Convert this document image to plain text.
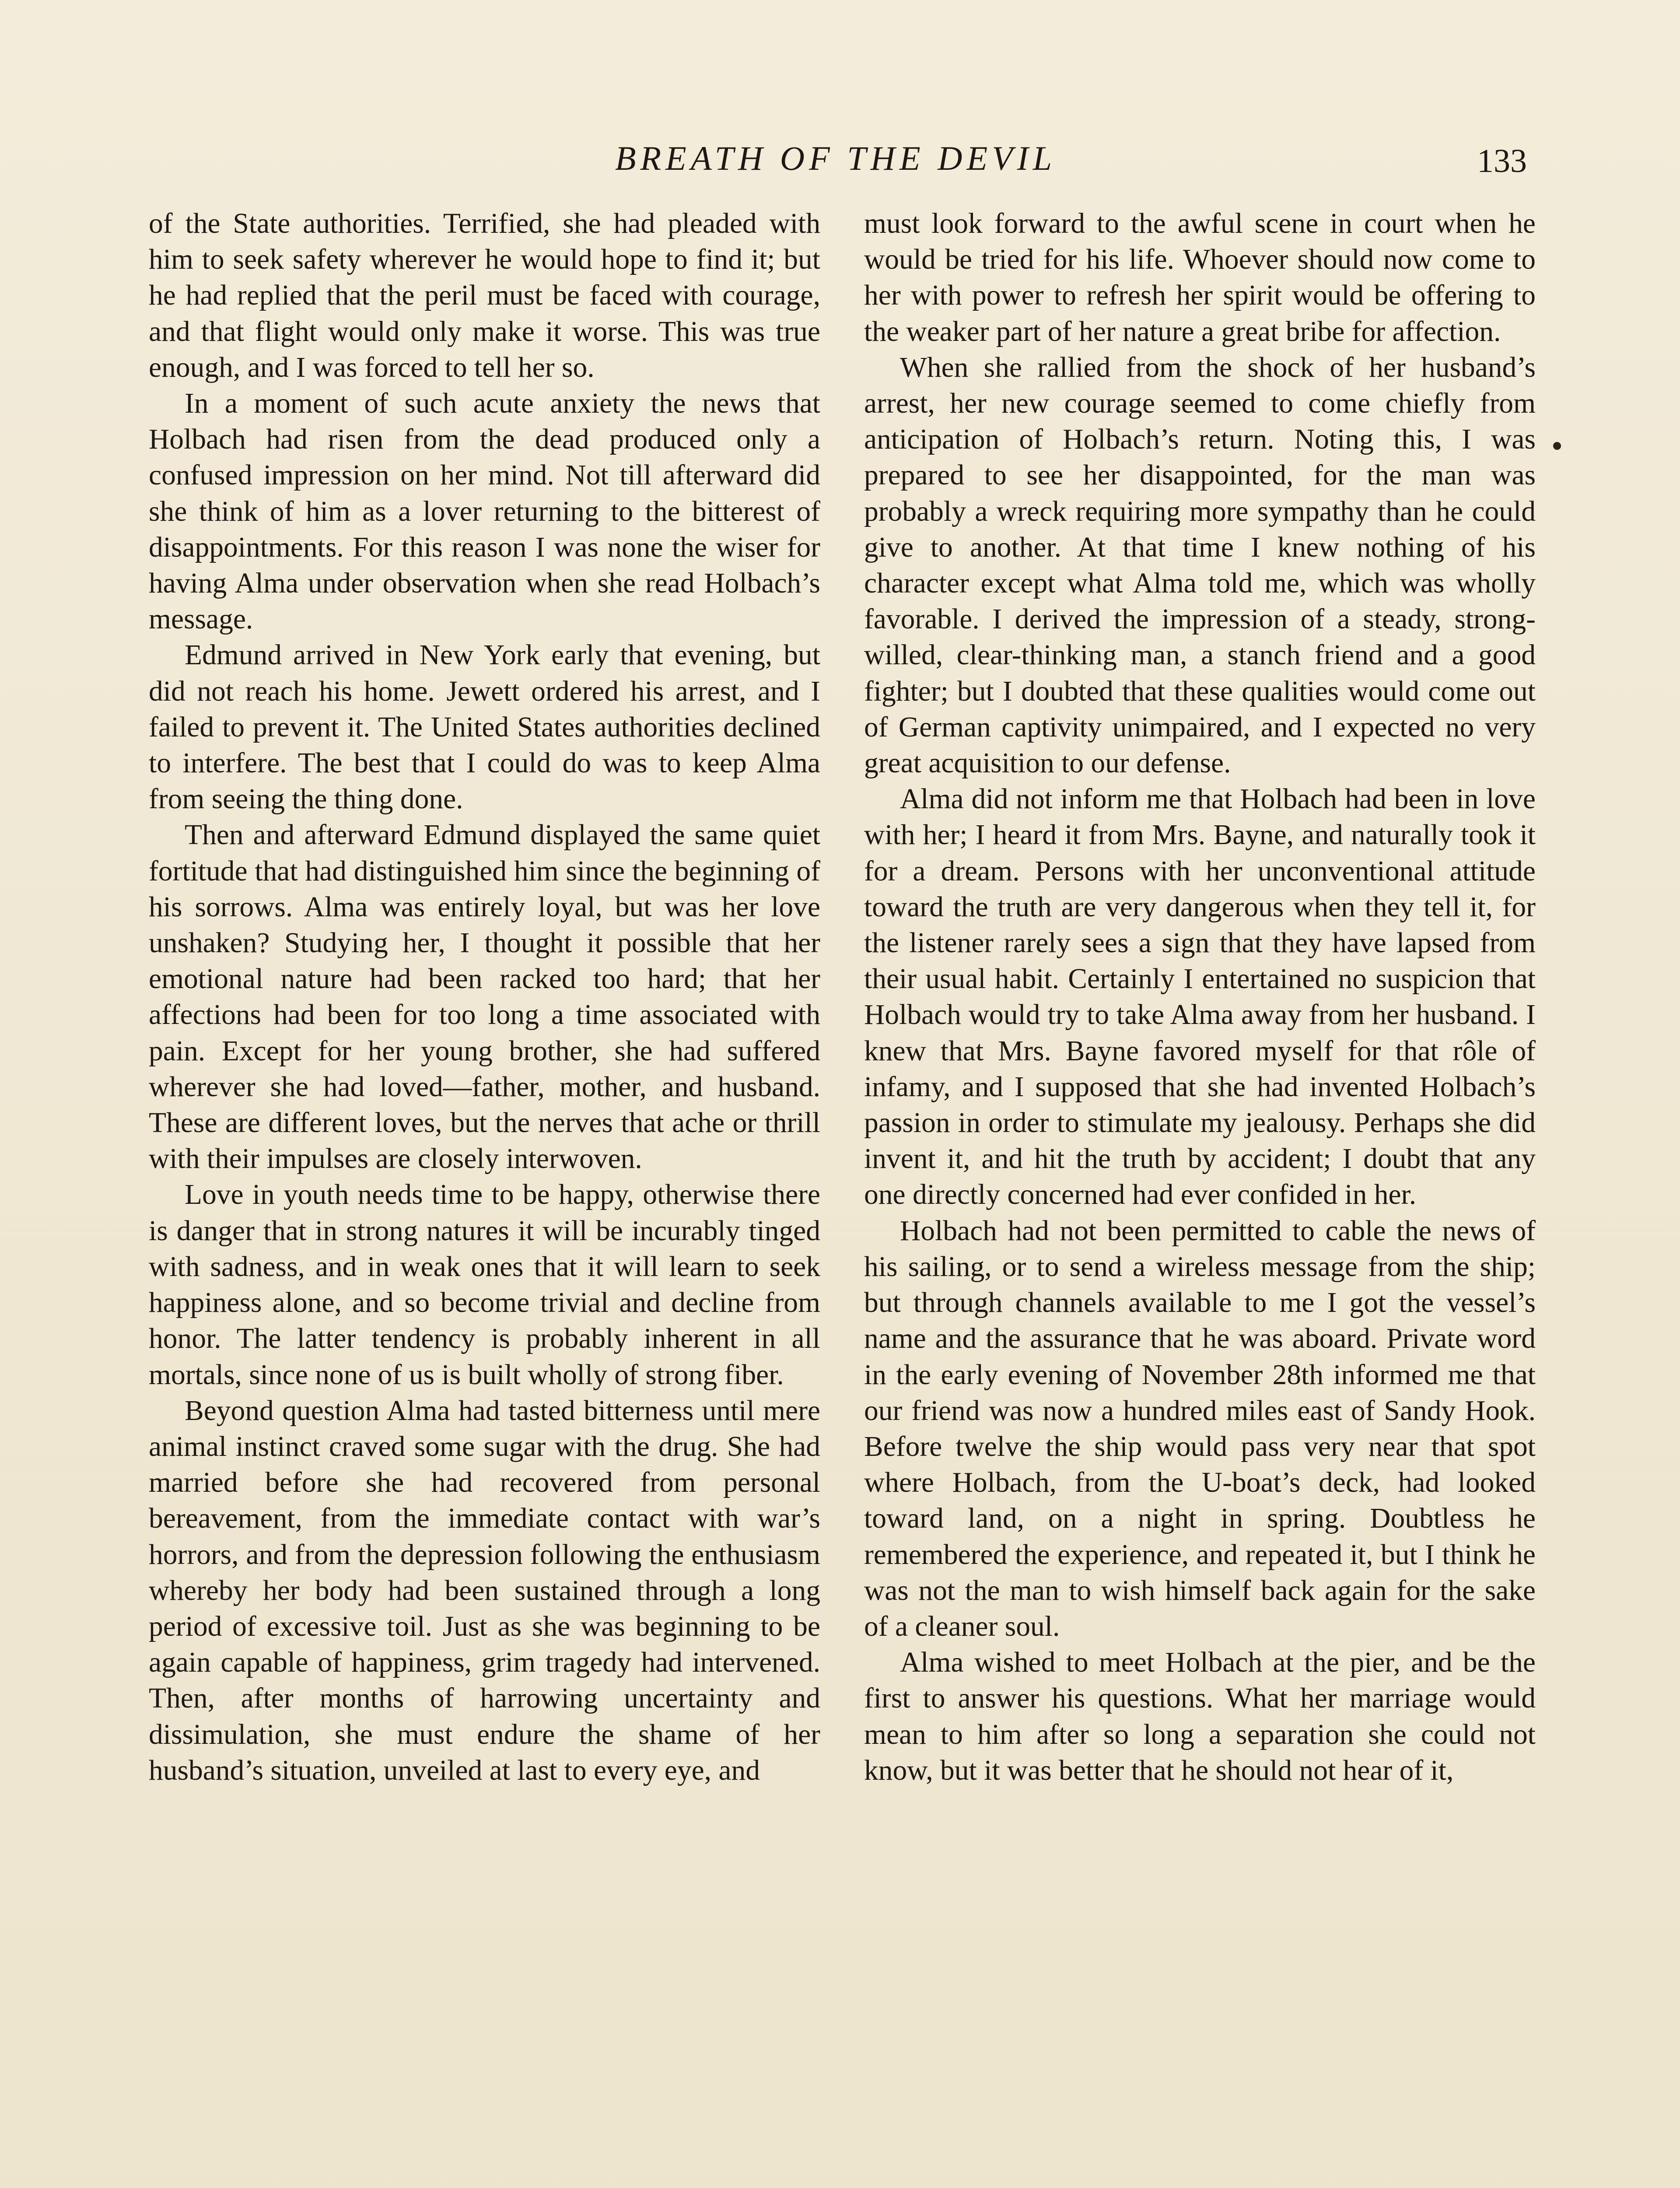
BREATH OF THE DEVIL	133

of the State authorities. Terrified, she had pleaded with him to seek safety wherever he would hope to find it; but he had replied that the peril must be faced with courage, and that flight would only make it worse. This was true enough, and I was forced to tell her so.

In a moment of such acute anxiety the news that Holbach had risen from the dead produced only a confused impression on her mind. Not till afterward did she think of him as a lover returning to the bitterest of disappointments. For this reason I was none the wiser for having Alma under observation when she read Holbach’s message.

Edmund arrived in New York early that evening, but did not reach his home. Jewett ordered his arrest, and I failed to prevent it. The United States authorities declined to interfere. The best that I could do was to keep Alma from seeing the thing done.

Then and afterward Edmund displayed the same quiet fortitude that had distinguished him since the beginning of his sorrows. Alma was entirely loyal, but was her love unshaken? Studying her, I thought it possible that her emotional nature had been racked too hard; that her affections had been for too long a time associated with pain. Except for her young brother, she had suffered wherever she had loved—father, mother, and husband. These are different loves, but the nerves that ache or thrill with their impulses are closely interwoven.

Love in youth needs time to be happy, otherwise there is danger that in strong natures it will be incurably tinged with sadness, and in weak ones that it will learn to seek happiness alone, and so become trivial and decline from honor. The latter tendency is probably inherent in all mortals, since none of us is built wholly of strong fiber.

Beyond question Alma had tasted bitterness until mere animal instinct craved some sugar with the drug. She had married before she had recovered from personal bereavement, from the immediate contact with war’s horrors, and from the depression following the enthusiasm whereby her body had been sustained through a long period of excessive toil. Just as she was beginning to be again capable of happiness, grim tragedy had intervened. Then, after months of harrowing uncertainty and dissimulation, she must endure the shame of her husband’s situation, unveiled at last to every eye, and

must look forward to the awful scene in court when he would be tried for his life. Whoever should now come to her with power to refresh her spirit would be offering to the weaker part of her nature a great bribe for affection.

When she rallied from the shock of her husband’s arrest, her new courage seemed to come chiefly from anticipation of Holbach’s return. Noting this, I was prepared to see her disappointed, for the man was probably a wreck requiring more sympathy than he could give to another. At that time I knew nothing of his character except what Alma told me, which was wholly favorable. I derived the impression of a steady, strong-willed, clear-thinking man, a stanch friend and a good fighter; but I doubted that these qualities would come out of German captivity unimpaired, and I expected no very great acquisition to our defense.

Alma did not inform me that Holbach had been in love with her; I heard it from Mrs. Bayne, and naturally took it for a dream. Persons with her unconventional attitude toward the truth are very dangerous when they tell it, for the listener rarely sees a sign that they have lapsed from their usual habit. Certainly I entertained no suspicion that Holbach would try to take Alma away from her husband. I knew that Mrs. Bayne favored myself for that rôle of infamy, and I supposed that she had invented Holbach’s passion in order to stimulate my jealousy. Perhaps she did invent it, and hit the truth by accident; I doubt that any one directly concerned had ever confided in her.

Holbach had not been permitted to cable the news of his sailing, or to send a wireless message from the ship; but through channels available to me I got the vessel’s name and the assurance that he was aboard. Private word in the early evening of November 28th informed me that our friend was now a hundred miles east of Sandy Hook. Before twelve the ship would pass very near that spot where Holbach, from the U-boat’s deck, had looked toward land, on a night in spring. Doubtless he remembered the experience, and repeated it, but I think he was not the man to wish himself back again for the sake of a cleaner soul.

Alma wished to meet Holbach at the pier, and be the first to answer his questions. What her marriage would mean to him after so long a separation she could not know, but it was better that he should not hear of it,
